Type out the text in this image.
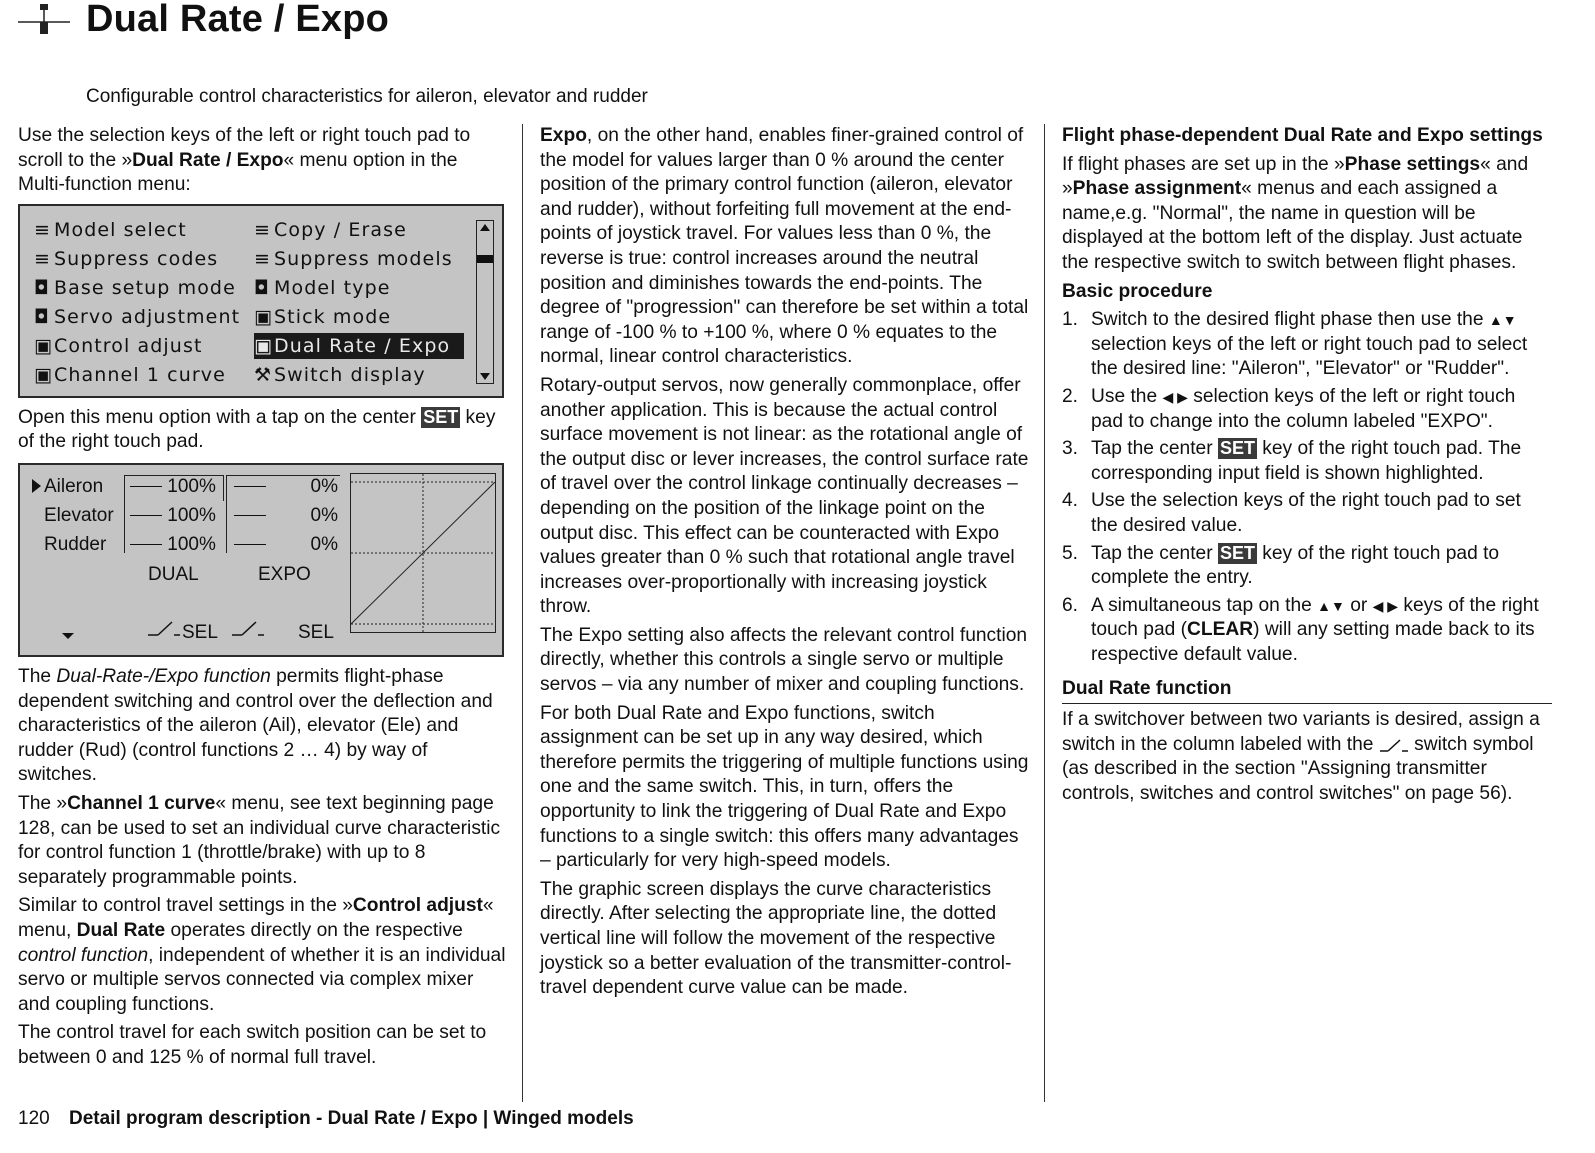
Dual Rate / Expo
Configurable control characteristics for aileron, elevator and rudder

Use the selection keys of the left or right touch pad to scroll to the »Dual Rate / Expo« menu option in the Multi-function menu:

≡ Model select
≡ Suppress codes
◘ Base setup mode
◘ Servo adjustment
▣Control adjust
▣Channel 1 curve
≡ Copy / Erase
≡ Suppress models
◘ Model type
▣Stick mode
▣Dual Rate / Expo
⚒Switch display

Open this menu option with a tap on the center SET key of the right touch pad.

Aileron
Elevator
Rudder
100%
100%
100%
0%
0%
0%
DUAL	EXPO
SEL	SEL

The Dual-Rate-/Expo function permits flight-phase dependent switching and control over the deflection and characteristics of the aileron (Ail), elevator (Ele) and rudder (Rud) (control functions 2 … 4) by way of switches.

The »Channel 1 curve« menu, see text beginning page 128, can be used to set an individual curve characteristic for control function 1 (throttle/brake) with up to 8 separately programmable points.

Similar to control travel settings in the »Control adjust« menu, Dual Rate operates directly on the respective control function, independent of whether it is an individual servo or multiple servos connected via complex mixer and coupling functions.

The control travel for each switch position can be set to between 0 and 125 % of normal full travel.

Expo, on the other hand, enables finer-grained control of the model for values larger than 0 % around the center position of the primary control function (aileron, elevator and rudder), without forfeiting full movement at the end-points of joystick travel. For values less than 0 %, the reverse is true: control increases around the neutral position and diminishes towards the end-points. The degree of "progression" can therefore be set within a total range of -100 % to +100 %, where 0 % equates to the normal, linear control characteristics.

Rotary-output servos, now generally commonplace, offer another application. This is because the actual control surface movement is not linear: as the rotational angle of the output disc or lever increases, the control surface rate of travel over the control linkage continually decreases – depending on the position of the linkage point on the output disc. This effect can be counteracted with Expo values greater than 0 % such that rotational angle travel increases over-proportionally with increasing joystick throw.

The Expo setting also affects the relevant control function directly, whether this controls a single servo or multiple servos – via any number of mixer and coupling functions.

For both Dual Rate and Expo functions, switch assignment can be set up in any way desired, which therefore permits the triggering of multiple functions using one and the same switch. This, in turn, offers the opportunity to link the triggering of Dual Rate and Expo functions to a single switch: this offers many advantages – particularly for very high-speed models.

The graphic screen displays the curve characteristics directly. After selecting the appropriate line, the dotted vertical line will follow the movement of the respective joystick so a better evaluation of the transmitter-control-travel dependent curve value can be made.

Flight phase-dependent Dual Rate and Expo settings

If flight phases are set up in the »Phase settings« and »Phase assignment« menus and each assigned a name,e.g. "Normal", the name in question will be displayed at the bottom left of the display. Just actuate the respective switch to switch between flight phases.

Basic procedure

1. Switch to the desired flight phase then use the ▲▼ selection keys of the left or right touch pad to select the desired line: "Aileron", "Elevator" or "Rudder".
2. Use the ◀ ▶ selection keys of the left or right touch pad to change into the column labeled "EXPO".
3. Tap the center SET key of the right touch pad. The corresponding input field is shown highlighted.
4. Use the selection keys of the right touch pad to set the desired value.
5. Tap the center SET key of the right touch pad to complete the entry.
6. A simultaneous tap on the ▲▼ or ◀ ▶ keys of the right touch pad (CLEAR) will any setting made back to its respective default value.
Dual Rate function

If a switchover between two variants is desired, assign a switch in the column labeled with the switch symbol (as described in the section "Assigning transmitter controls, switches and control switches" on page 56).

120 Detail program description - Dual Rate / Expo | Winged models
